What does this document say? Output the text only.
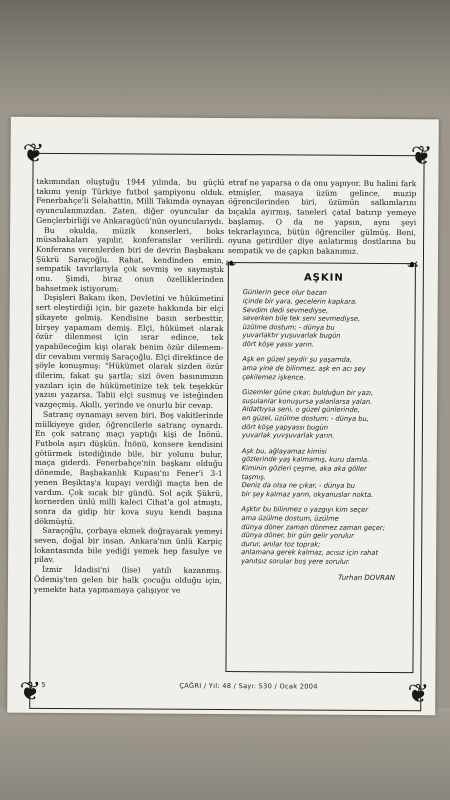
❦	❦
❦	❦

takımından oluştuğu 1944 yılında, bu güçlü takımı yenip Türkiye futbol şampiyonu olduk. Fenerbahçe'li Selahattin, Milli Takımda oynayan oyunculanmızdan. Zaten, diğer oyuncular da Gençlerbirliği ve Ankaragücü'nün oyuncularıydı.

Bu okulda, müzik konserleri, boks müsabakaları yapılır, konferanslar verilirdi. Konferans verenlerden biri de devrin Başbakanı Şükrü Saraçoğlu. Rahat, kendinden emin, sempatik tavırlarıyla çok sevmiş ve saymıştık onu. Şimdi, biraz onun özelliklerinden bahsetmek istiyorum:

Dışişleri Bakanı iken, Devletini ve hükümetini sert eleştirdiği için, bir gazete hakkında bir elçi şikayete gelmiş. Kendisine basın serbesttir, birşey yapamam demiş. Elçi, hükümet olarak özür dilenmesi için ısrar edince, tek yapabileceğim kişi olarak benim özür dilemem-dir cevabını vermiş Saraçoğlu. Elçi direktince de şöyle konuşmuş: "Hükümet olarak sizden özür dilerim, fakat şu şartla; sizi öven basınımızın yazıları için de hükümetinize tek tek teşekkür yazısı yazarsa. Tabii elçi susmuş ve isteğinden vazgeçmiş. Akıllı, yerinde ve onurlu bir cevap.

Satranç oynamayı seven biri. Boş vakitlerinde mülkiyeye gider, öğrencilerle satranç oynardı. En çok satranç maçı yaptığı kişi de İnönü. Futbola aşırı düşkün. İnönü, konsere kendisini götürmek istediğinde bile, bir yolunu bulur, maça giderdi. Fenerbahçe'nin başkanı olduğu dönemde, Başbakanlık Kupası'nı Fener'i 3-1 yenen Beşiktaş'a kupayı verdiği maçta ben de vardım. Çok sıcak bir gündü. Sol açık Şükrü, kornerden ünlü milli kaleci Cihat'a gol atmıştı, sonra da gidip bir kova suyu kendi başına dökmüştü.

Saraçoğlu, çorbaya ekmek doğrayarak yemeyi seven, doğal bir insan. Ankara'nın ünlü Karpiç lokantasında bile yediği yemek hep fasulye ve pilav.

İzmir İdadisi'ni (lise) yatılı kazanmış. Ödemiş'ten gelen bir halk çocuğu olduğu için, yemekte hata yapmamaya çalışıyor ve

etraf ne yaparsa o da onu yapıyor. Bu halini fark etmişler, masaya üzüm gelince, muzip öğrencilerinden biri, üzümün salkımlarını bıçakla ayırmış, taneleri çatal batırıp yemeye başlamış. O da ne yapsın, aynı şeyi tekrarlayınca, bütün öğrenciler gülmüş. Beni, oyuna getirdiler diye anlatırmış dostlarına bu sempatik ve de çapkın bakanımız.

❧	☙
AŞKIN
Günlerin gece olur bazan
içinde bir yara, gecelerin kapkara.
Sevdim dedi sevmediyse,
severken bile tek seni sevmediyse,
üzülme dostum; - dünya bu
yuvarlaktır yuşuvarlak bugün
dört köşe yassı yarın.
Aşk en güzel şeydir şu yaşamda,
ama yine de bilinmez, aşk en acı şey
çekilemez işkence.
Gizemler güne çıkar, bulduğun bir yazı,
suşulanlar konuşursa yalanlarsa yalan.
Aldattıysa seni, o güzel günlerinde,
en güzel, üzülme dostum; - dünya bu,
dört köşe yapyassı bugün
yuvarlak yuvşuvarlak yarın.
Aşk bu, ağlayamaz kimisi
gözlerinde yaş kalmamış, kuru damla.
Kiminin gözleri çeşme, aka aka göller
taşmış.
Deniz da olsa ne çıkar, - dünya bu
bir şey kalmaz yarın, okyanuslar nokta.
Aşktır bu bilinmez o yazgıyı kim seçer
ama üzülme dostum, üzülme
dünya döner zaman dönmez zaman geçer;
dünya döner, bir gün gelir yorulur
durur, anılar toz toprak;
anlamana gerek kalmaz, acısız için rahat
yanıtsız sorular boş yere sorulur.
Turhan DOVRAN
5	ÇAĞRI / Yıl: 48 / Sayı: 530 / Ocak 2004
